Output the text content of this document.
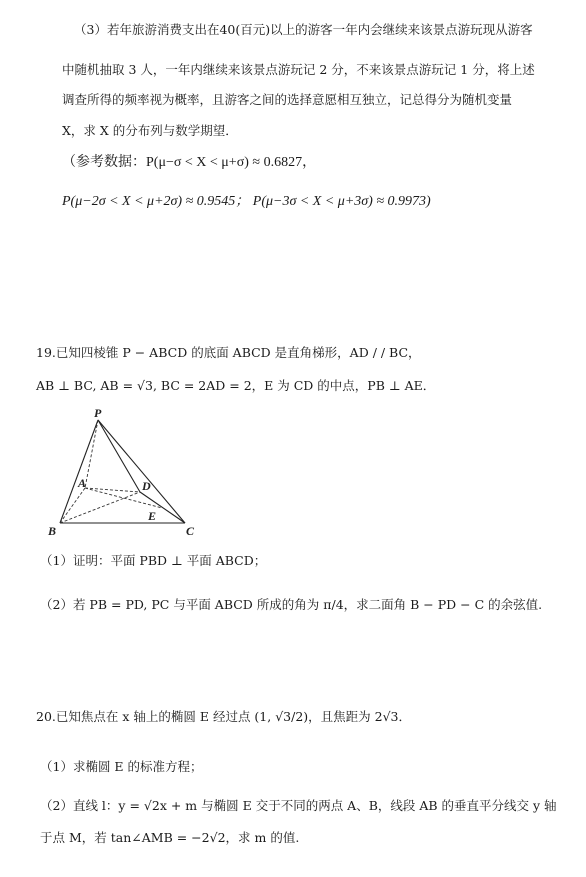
（3）若年旅游消费支出在40(百元)以上的游客一年内会继续来该景点游玩现从游客
中随机抽取 3 人，一年内继续来该景点游玩记 2 分，不来该景点游玩记 1 分，将上述
调查所得的频率视为概率，且游客之间的选择意愿相互独立，记总得分为随机变量
X，求 X 的分布列与数学期望．
（参考数据：P(μ−σ < X < μ+σ) ≈ 0.6827，
P(μ−2σ < X < μ+2σ) ≈ 0.9545； P(μ−3σ < X < μ+3σ) ≈ 0.9973)
19.已知四棱锥 P − ABCD 的底面 ABCD 是直角梯形，AD / / BC，
AB ⊥ BC, AB = √3, BC = 2AD = 2，E 为 CD 的中点，PB ⊥ AE．
P
A	D
B
E
C
（1）证明：平面 PBD ⊥ 平面 ABCD；
（2）若 PB = PD, PC 与平面 ABCD 所成的角为 π/4，求二面角 B − PD − C 的余弦值.
20.已知焦点在 x 轴上的椭圆 E 经过点 (1, √3/2)，且焦距为 2√3．
（1）求椭圆 E 的标准方程；
（2）直线 l：y = √2x + m 与椭圆 E 交于不同的两点 A、B，线段 AB 的垂直平分线交 y 轴
于点 M，若 tan∠AMB = −2√2，求 m 的值.
